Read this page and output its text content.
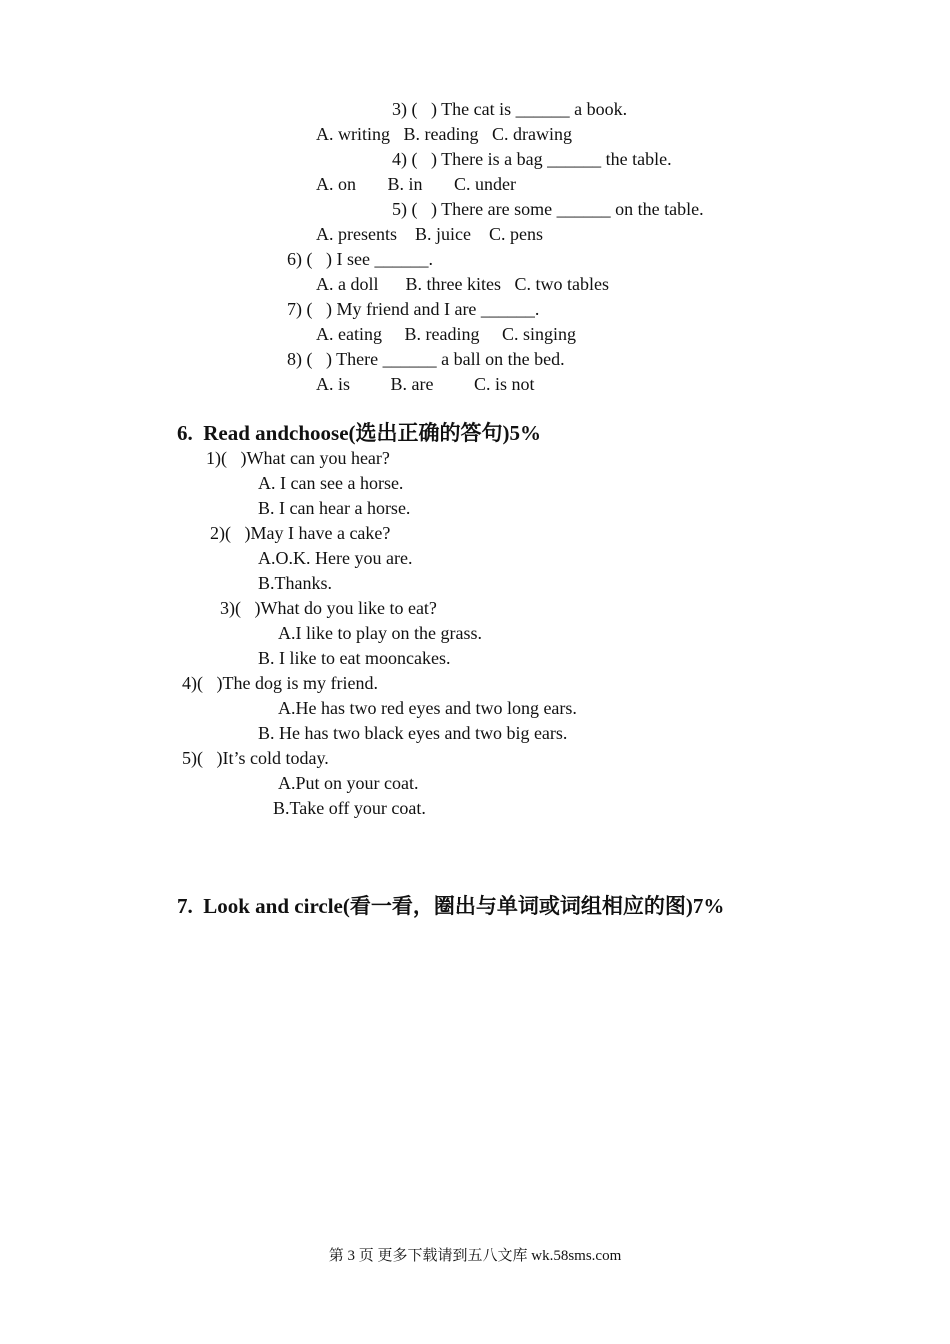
3) (   ) The cat is ______ a book.
A. writing   B. reading   C. drawing
4) (   ) There is a bag ______ the table.
A. on       B. in       C. under
5) (   ) There are some ______ on the table.
A. presents    B. juice    C. pens
6) (   ) I see ______.
A. a doll      B. three kites   C. two tables
7) (   ) My friend and I are ______.
A. eating     B. reading     C. singing
8) (   ) There ______ a ball on the bed.
A. is         B. are         C. is not
6.  Read andchoose(选出正确的答句)5%
1)(   )What can you hear?
A. I can see a horse.
B. I can hear a horse.
2)(   )May I have a cake?
A.O.K. Here you are.
B.Thanks.
3)(   )What do you like to eat?
A.I like to play on the grass.
B. I like to eat mooncakes.
4)(   )The dog is my friend.
A.He has two red eyes and two long ears.
B. He has two black eyes and two big ears.
5)(   )It’s cold today.
A.Put on your coat.
B.Take off your coat.
7.  Look and circle(看一看，圈出与单词或词组相应的图)7%
第 3 页 更多下载请到五八文库 wk.58sms.com
